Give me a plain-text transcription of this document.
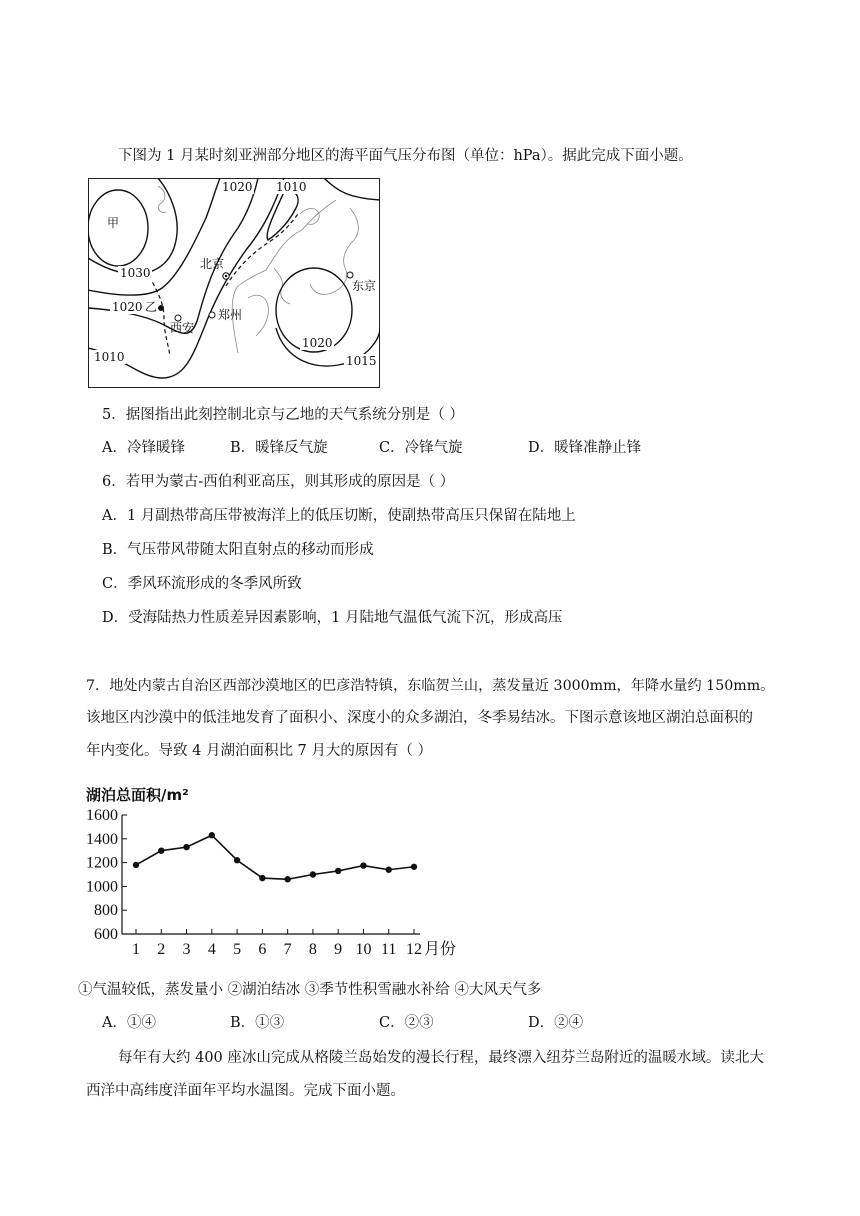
下图为 1 月某时刻亚洲部分地区的海平面气压分布图（单位：hPa）。据此完成下面小题。
甲
乙
北京
西安
郑州
东京
1020 1010
1030
1020
1010
1020
1015
5．据图指出此刻控制北京与乙地的天气系统分别是（ ）
A．冷锋暖锋	B．暖锋反气旋	C．冷锋气旋	D．暖锋准静止锋
6．若甲为蒙古-西伯利亚高压，则其形成的原因是（ ）
A．1 月副热带高压带被海洋上的低压切断，使副热带高压只保留在陆地上
B．气压带风带随太阳直射点的移动而形成
C．季风环流形成的冬季风所致
D．受海陆热力性质差异因素影响，1 月陆地气温低气流下沉，形成高压
7．地处内蒙古自治区西部沙漠地区的巴彦浩特镇，东临贺兰山，蒸发量近 3000mm，年降水量约 150mm。
该地区内沙漠中的低洼地发育了面积小、深度小的众多湖泊，冬季易结冰。下图示意该地区湖泊总面积的
年内变化。导致 4 月湖泊面积比 7 月大的原因有（ ）
湖泊总面积/m²
600
800
1000
1200
1400
1600
1 2 3 4 5 6 7 8 9 10 11 12 月份
①气温较低，蒸发量小 ②湖泊结冰 ③季节性积雪融水补给 ④大风天气多
A．①④	B．①③	C．②③	D．②④
每年有大约 400 座冰山完成从格陵兰岛始发的漫长行程，最终漂入纽芬兰岛附近的温暖水域。读北大
西洋中高纬度洋面年平均水温图。完成下面小题。
